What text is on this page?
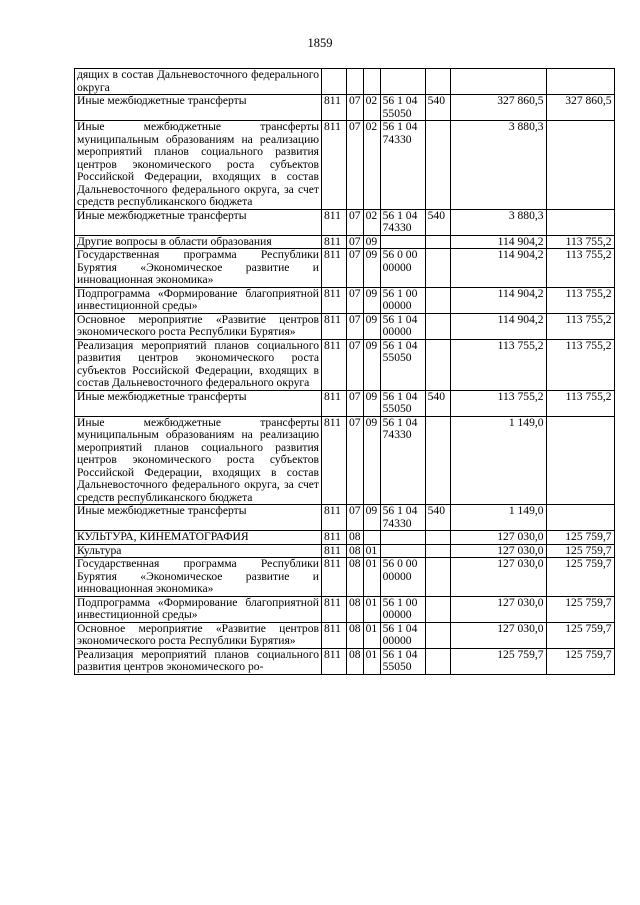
1859
дящих в состав Дальневосточного федерального округа							
Иные межбюджетные трансферты	811	07	02	56 1 04 55050	540	327 860,5	327 860,5
Иные межбюджетные трансферты муниципальным образованиям на реализацию мероприятий планов социального развития центров экономического роста субъектов Российской Федерации, входящих в состав Дальневосточного федерального округа, за счет средств республиканского бюджета	811	07	02	56 1 04 74330		3 880,3	
Иные межбюджетные трансферты	811	07	02	56 1 04 74330	540	3 880,3	
Другие вопросы в области образования	811	07	09			114 904,2	113 755,2
Государственная программа Республики Бурятия «Экономическое развитие и инновационная экономика»	811	07	09	56 0 00 00000		114 904,2	113 755,2
Подпрограмма «Формирование благоприятной инвестиционной среды»	811	07	09	56 1 00 00000		114 904,2	113 755,2
Основное мероприятие «Развитие центров экономического роста Республики Бурятия»	811	07	09	56 1 04 00000		114 904,2	113 755,2
Реализация мероприятий планов социального развития центров экономического роста субъектов Российской Федерации, входящих в состав Дальневосточного федерального округа	811	07	09	56 1 04 55050		113 755,2	113 755,2
Иные межбюджетные трансферты	811	07	09	56 1 04 55050	540	113 755,2	113 755,2
Иные межбюджетные трансферты муниципальным образованиям на реализацию мероприятий планов социального развития центров экономического роста субъектов Российской Федерации, входящих в состав Дальневосточного федерального округа, за счет средств республиканского бюджета	811	07	09	56 1 04 74330		1 149,0	
Иные межбюджетные трансферты	811	07	09	56 1 04 74330	540	1 149,0	
КУЛЬТУРА, КИНЕМАТОГРАФИЯ	811	08				127 030,0	125 759,7
Культура	811	08	01			127 030,0	125 759,7
Государственная программа Республики Бурятия «Экономическое развитие и инновационная экономика»	811	08	01	56 0 00 00000		127 030,0	125 759,7
Подпрограмма «Формирование благоприятной инвестиционной среды»	811	08	01	56 1 00 00000		127 030,0	125 759,7
Основное мероприятие «Развитие центров экономического роста Республики Бурятия»	811	08	01	56 1 04 00000		127 030,0	125 759,7
Реализация мероприятий планов социального развития центров экономического ро-	811	08	01	56 1 04 55050		125 759,7	125 759,7
